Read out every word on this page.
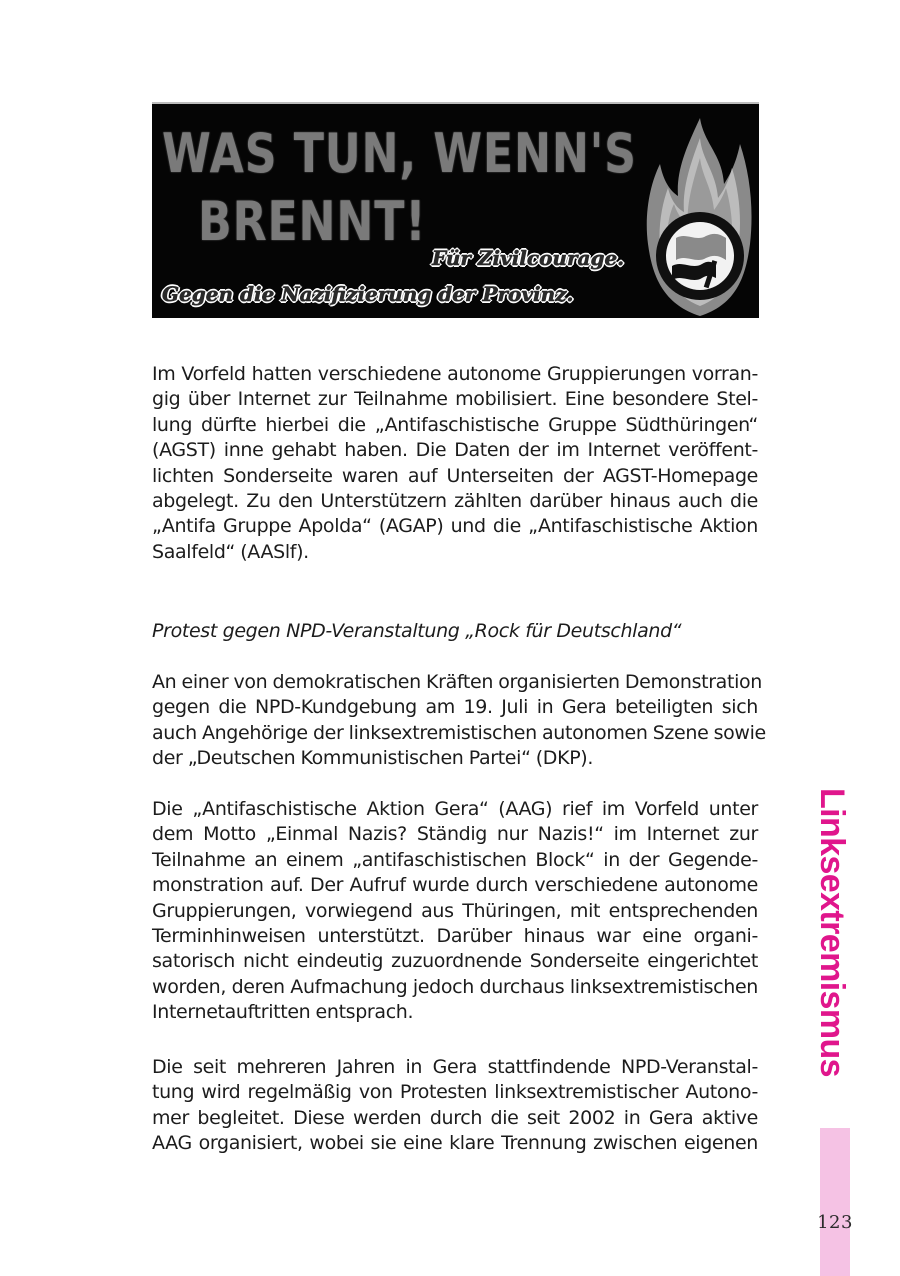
WAS TUN, WENN'S
BRENNT!
Für Zivilcourage.
Gegen die Nazifizierung der Provinz.
Im Vorfeld hatten verschiedene autonome Gruppierungen vorran-
gig über Internet zur Teilnahme mobilisiert. Eine besondere Stel-
lung dürfte hierbei die „Antifaschistische Gruppe Südthüringen“
(AGST) inne gehabt haben. Die Daten der im Internet veröffent-
lichten Sonderseite waren auf Unterseiten der AGST-Homepage
abgelegt. Zu den Unterstützern zählten darüber hinaus auch die
„Antifa Gruppe Apolda“ (AGAP) und die „Antifaschistische Aktion
Saalfeld“ (AASlf).
Protest gegen NPD-Veranstaltung „Rock für Deutschland“
An einer von demokratischen Kräften organisierten Demonstration
gegen die NPD-Kundgebung am 19. Juli in Gera beteiligten sich
auch Angehörige der linksextremistischen autonomen Szene sowie
der „Deutschen Kommunistischen Partei“ (DKP).
Die „Antifaschistische Aktion Gera“ (AAG) rief im Vorfeld unter
dem Motto „Einmal Nazis? Ständig nur Nazis!“ im Internet zur
Teilnahme an einem „antifaschistischen Block“ in der Gegende-
monstration auf. Der Aufruf wurde durch verschiedene autonome
Gruppierungen, vorwiegend aus Thüringen, mit entsprechenden
Terminhinweisen unterstützt. Darüber hinaus war eine organi-
satorisch nicht eindeutig zuzuordnende Sonderseite eingerichtet
worden, deren Aufmachung jedoch durchaus linksextremistischen
Internetauftritten entsprach.
Die seit mehreren Jahren in Gera stattfindende NPD-Veranstal-
tung wird regelmäßig von Protesten linksextremistischer Autono-
mer begleitet. Diese werden durch die seit 2002 in Gera aktive
AAG organisiert, wobei sie eine klare Trennung zwischen eigenen
Linksextremismus
123
